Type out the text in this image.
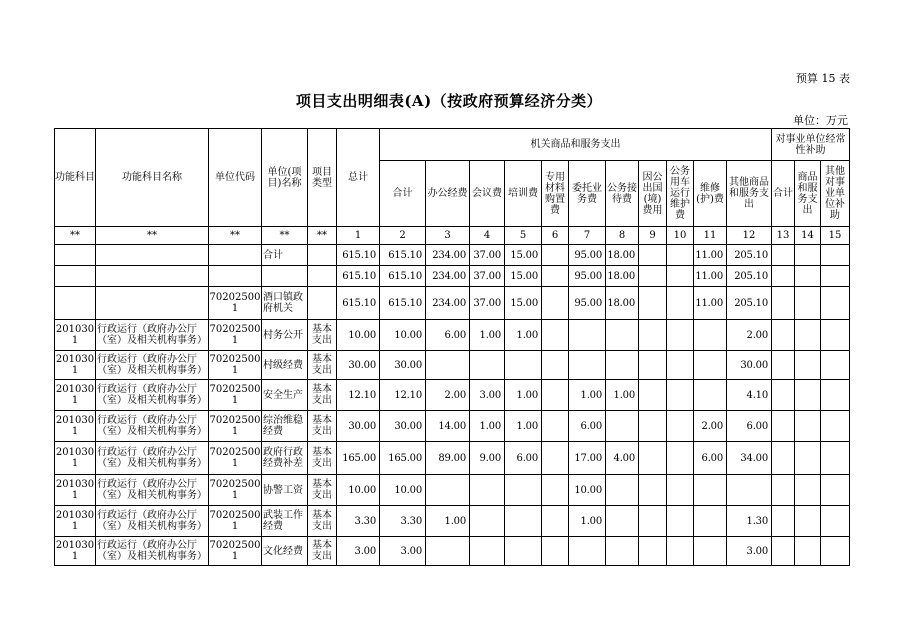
预算 15 表
项目支出明细表(A)（按政府预算经济分类）
单位：万元
功能科目	功能科目名称	单位代码	单位(项目)名称	项目类型	总计	机关商品和服务支出											对事业单位经常性补助		
						合计	办公经费	会议费	培训费	专用材料购置费	委托业务费	公务接待费	因公出国(境)费用	公务用车运行维护费	维修(护)费	其他商品和服务支出	合计	商品和服务支出	其他对事业单位补助
**	**	**	**	**	1	2	3	4	5	6	7	8	9	10	11	12	13	14	15
			合计		615.10	615.10	234.00	37.00	15.00		95.00	18.00			11.00	205.10			
					615.10	615.10	234.00	37.00	15.00		95.00	18.00			11.00	205.10			
		702025001	酒口镇政府机关		615.10	615.10	234.00	37.00	15.00		95.00	18.00			11.00	205.10			
2010301	行政运行（政府办公厅（室）及相关机构事务）	702025001	村务公开	基本支出	10.00	10.00	6.00	1.00	1.00							2.00			
2010301	行政运行（政府办公厅（室）及相关机构事务）	702025001	村级经费	基本支出	30.00	30.00										30.00			
2010301	行政运行（政府办公厅（室）及相关机构事务）	702025001	安全生产	基本支出	12.10	12.10	2.00	3.00	1.00		1.00	1.00				4.10			
2010301	行政运行（政府办公厅（室）及相关机构事务）	702025001	综治维稳经费	基本支出	30.00	30.00	14.00	1.00	1.00		6.00				2.00	6.00			
2010301	行政运行（政府办公厅（室）及相关机构事务）	702025001	政府行政经费补差	基本支出	165.00	165.00	89.00	9.00	6.00		17.00	4.00			6.00	34.00			
2010301	行政运行（政府办公厅（室）及相关机构事务）	702025001	协警工资	基本支出	10.00	10.00					10.00								
2010301	行政运行（政府办公厅（室）及相关机构事务）	702025001	武装工作经费	基本支出	3.30	3.30	1.00				1.00					1.30			
2010301	行政运行（政府办公厅（室）及相关机构事务）	702025001	文化经费	基本支出	3.00	3.00										3.00			
